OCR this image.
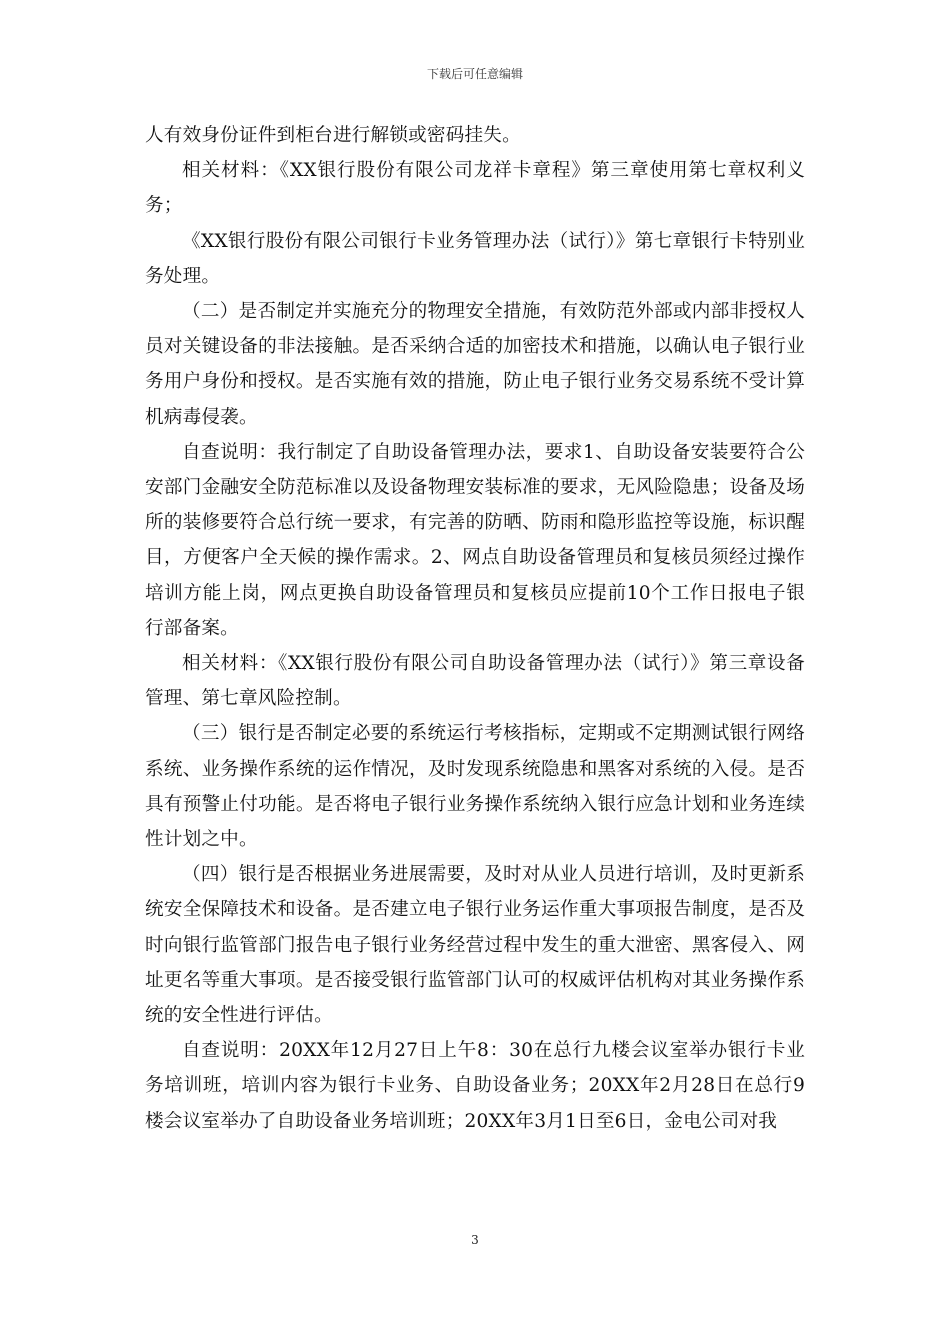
下载后可任意编辑

人有效身份证件到柜台进行解锁或密码挂失。

相关材料：《XX银行股份有限公司龙祥卡章程》第三章使用第七章权利义务；

《XX银行股份有限公司银行卡业务管理办法（试行）》第七章银行卡特别业务处理。

（二）是否制定并实施充分的物理安全措施，有效防范外部或内部非授权人员对关键设备的非法接触。是否采纳合适的加密技术和措施，以确认电子银行业务用户身份和授权。是否实施有效的措施，防止电子银行业务交易系统不受计算机病毒侵袭。

自查说明：我行制定了自助设备管理办法，要求1、自助设备安装要符合公安部门金融安全防范标准以及设备物理安装标准的要求，无风险隐患；设备及场所的装修要符合总行统一要求，有完善的防晒、防雨和隐形监控等设施，标识醒目，方便客户全天候的操作需求。2、网点自助设备管理员和复核员须经过操作培训方能上岗，网点更换自助设备管理员和复核员应提前10个工作日报电子银行部备案。

相关材料：《XX银行股份有限公司自助设备管理办法（试行）》第三章设备管理、第七章风险控制。

（三）银行是否制定必要的系统运行考核指标，定期或不定期测试银行网络系统、业务操作系统的运作情况，及时发现系统隐患和黑客对系统的入侵。是否具有预警止付功能。是否将电子银行业务操作系统纳入银行应急计划和业务连续性计划之中。

（四）银行是否根据业务进展需要，及时对从业人员进行培训，及时更新系统安全保障技术和设备。是否建立电子银行业务运作重大事项报告制度，是否及时向银行监管部门报告电子银行业务经营过程中发生的重大泄密、黑客侵入、网址更名等重大事项。是否接受银行监管部门认可的权威评估机构对其业务操作系统的安全性进行评估。

自查说明：20XX年12月27日上午8：30在总行九楼会议室举办银行卡业务培训班，培训内容为银行卡业务、自助设备业务；20XX年2月28日在总行9楼会议室举办了自助设备业务培训班；20XX年3月1日至6日，金电公司对我

3
